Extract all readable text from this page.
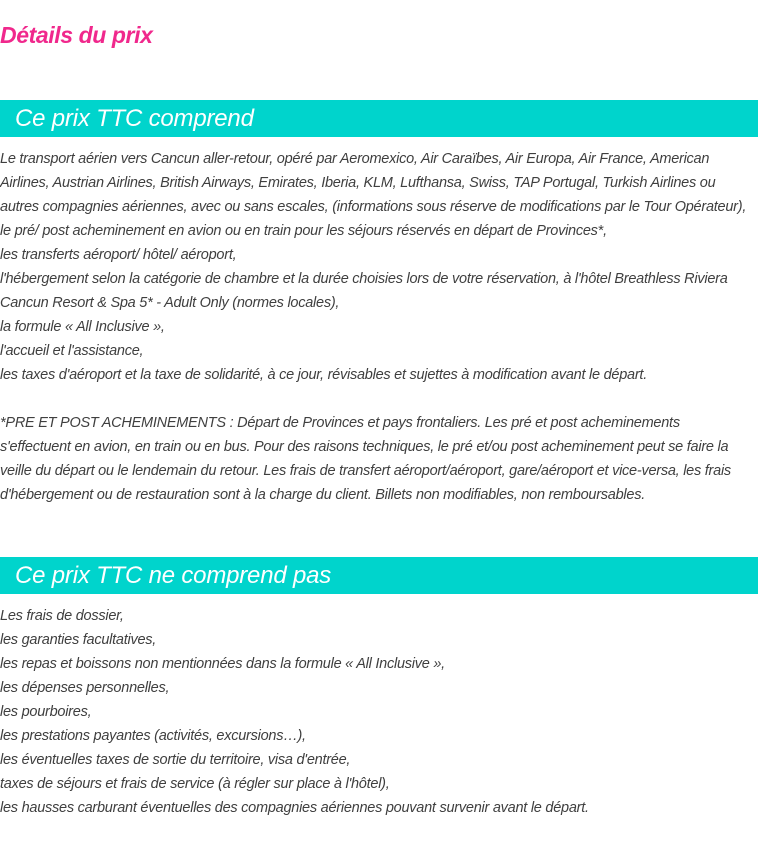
Détails du prix
Ce prix TTC comprend

Le transport aérien vers Cancun aller-retour, opéré par Aeromexico, Air Caraïbes, Air Europa, Air France, American

Airlines, Austrian Airlines, British Airways, Emirates, Iberia, KLM, Lufthansa, Swiss, TAP Portugal, Turkish Airlines ou

autres compagnies aériennes, avec ou sans escales, (informations sous réserve de modifications par le Tour Opérateur),

le pré/ post acheminement en avion ou en train pour les séjours réservés en départ de Provinces*,

les transferts aéroport/ hôtel/ aéroport,

l'hébergement selon la catégorie de chambre et la durée choisies lors de votre réservation, à l'hôtel Breathless Riviera

Cancun Resort & Spa 5* - Adult Only (normes locales),

la formule « All Inclusive »,

l'accueil et l'assistance,

les taxes d'aéroport et la taxe de solidarité, à ce jour, révisables et sujettes à modification avant le départ.

*PRE ET POST ACHEMINEMENTS : Départ de Provinces et pays frontaliers. Les pré et post acheminements

s'effectuent en avion, en train ou en bus. Pour des raisons techniques, le pré et/ou post acheminement peut se faire la

veille du départ ou le lendemain du retour. Les frais de transfert aéroport/aéroport, gare/aéroport et vice-versa, les frais

d'hébergement ou de restauration sont à la charge du client. Billets non modifiables, non remboursables.

Ce prix TTC ne comprend pas

Les frais de dossier,

les garanties facultatives,

les repas et boissons non mentionnées dans la formule « All Inclusive »,

les dépenses personnelles,

les pourboires,

les prestations payantes (activités, excursions…),

les éventuelles taxes de sortie du territoire, visa d'entrée,

taxes de séjours et frais de service (à régler sur place à l'hôtel),

les hausses carburant éventuelles des compagnies aériennes pouvant survenir avant le départ.
